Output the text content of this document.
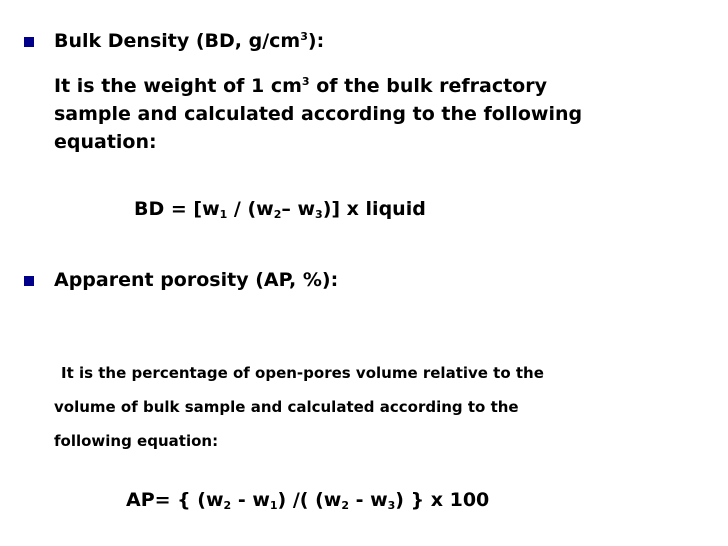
Bulk Density (BD, $g/cm^3$):
It is the weight of 1 $cm^3$ of the bulk refractory
sample and calculated according to the following
equation:
BD = [$w_1 / (w_2-$ $w_3$)] x liquid
Apparent porosity (AP, %):
It is the percentage of open-pores volume relative to the
volume of bulk sample and calculated according to the
following equation:
AP= { $(w_2 - w_1)$ /( $(w_2 - w_3)$ } x 100
